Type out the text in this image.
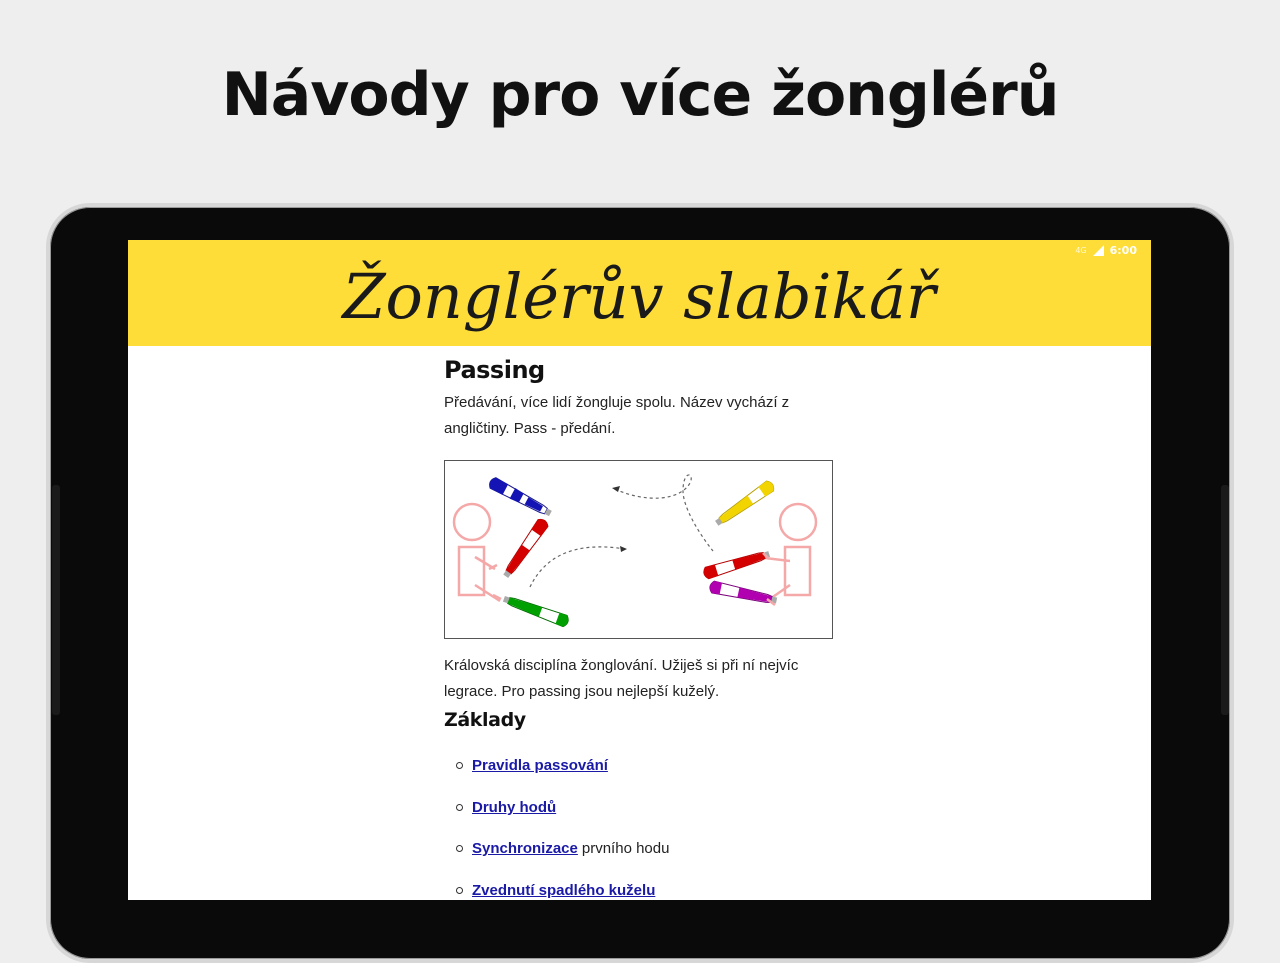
Návody pro více žonglérů
Žonglérův slabikář
4G 6:00
Passing

Předávání, více lidí žongluje spolu. Název vychází z angličtiny. Pass - předání.

Královská disciplína žonglování. Užiješ si při ní nejvíc legrace. Pro passing jsou nejlepší kuželý.

Základy
Pravidla passování
Druhy hodů
Synchronizace prvního hodu
Zvednutí spadlého kuželu
